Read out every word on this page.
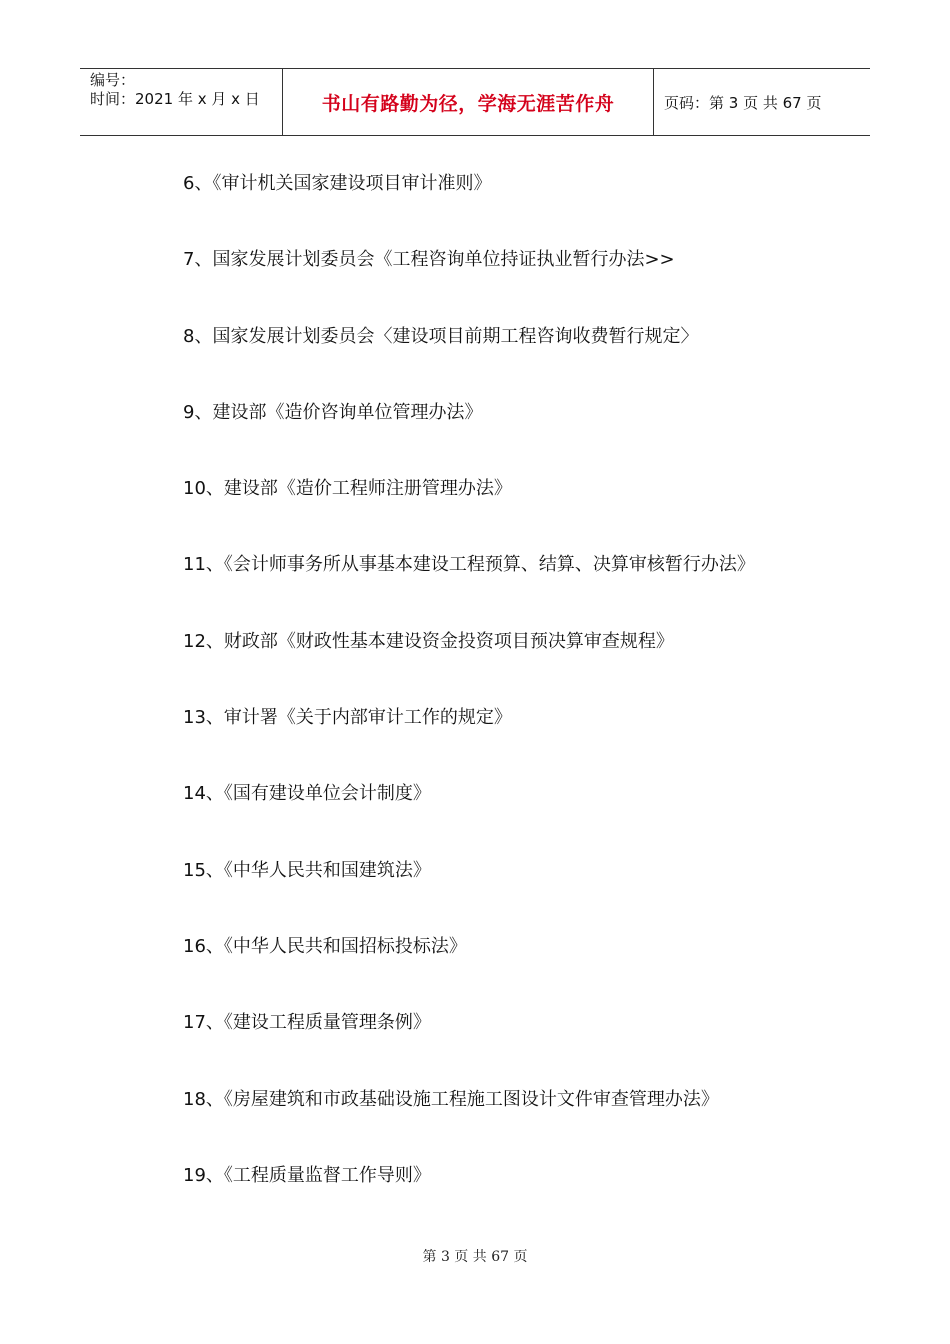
编号：
时间：2021 年 x 月 x 日	书山有路勤为径，学海无涯苦作舟	页码：第 3 页 共 67 页
6、《审计机关国家建设项目审计准则》
7、国家发展计划委员会《工程咨询单位持证执业暂行办法>>
8、国家发展计划委员会〈建设项目前期工程咨询收费暂行规定〉
9、建设部《造价咨询单位管理办法》
10、建设部《造价工程师注册管理办法》
11、《会计师事务所从事基本建设工程预算、结算、决算审核暂行办法》
12、财政部《财政性基本建设资金投资项目预决算审查规程》
13、审计署《关于内部审计工作的规定》
14、《国有建设单位会计制度》
15、《中华人民共和国建筑法》
16、《中华人民共和国招标投标法》
17、《建设工程质量管理条例》
18、《房屋建筑和市政基础设施工程施工图设计文件审查管理办法》
19、《工程质量监督工作导则》
第 3 页 共 67 页
